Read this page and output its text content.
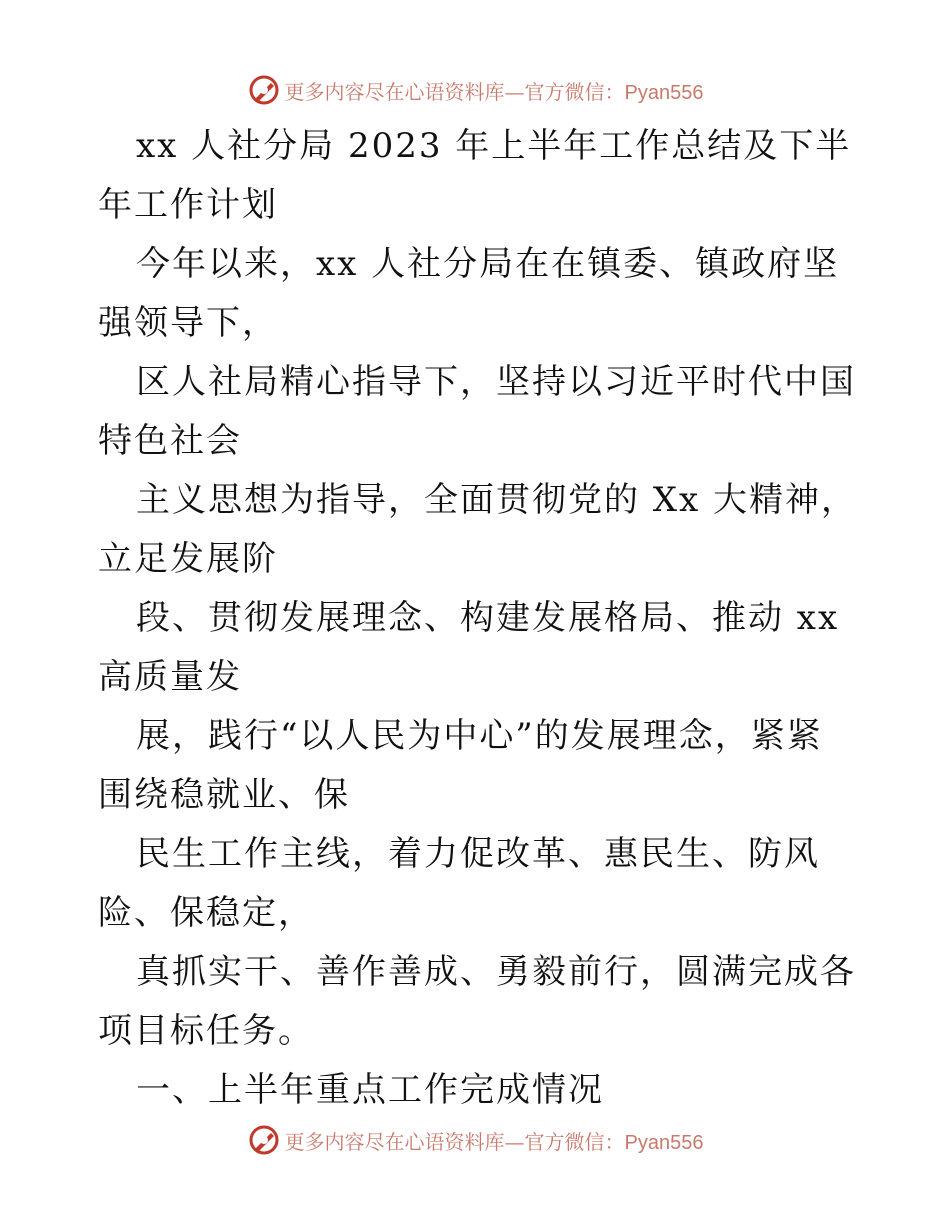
更多内容尽在心语资料库—官方微信：Pyan556

xx 人社分局 2023 年上半年工作总结及下半年工作计划

今年以来，xx 人社分局在在镇委、镇政府坚强领导下，

区人社局精心指导下，坚持以习近平时代中国特色社会

主义思想为指导，全面贯彻党的 Xx 大精神，立足发展阶

段、贯彻发展理念、构建发展格局、推动 xx 高质量发

展，践行“以人民为中心”的发展理念，紧紧围绕稳就业、保

民生工作主线，着力促改革、惠民生、防风险、保稳定，

真抓实干、善作善成、勇毅前行，圆满完成各项目标任务。

一、上半年重点工作完成情况

更多内容尽在心语资料库—官方微信：Pyan556
